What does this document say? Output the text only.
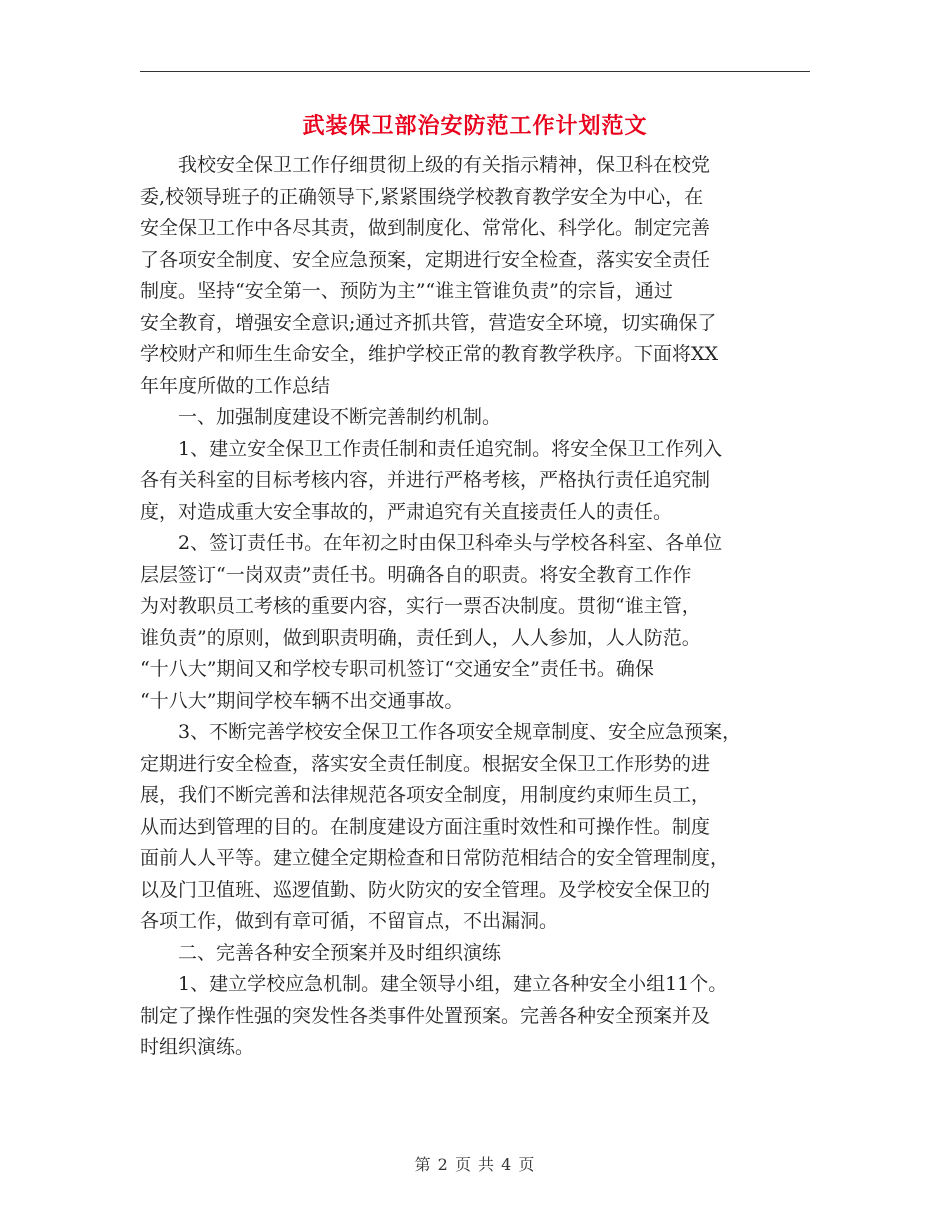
武装保卫部治安防范工作计划范文

　　我校安全保卫工作仔细贯彻上级的有关指示精神，保卫科在校党
委,校领导班子的正确领导下,紧紧围绕学校教育教学安全为中心，在
安全保卫工作中各尽其责，做到制度化、常常化、科学化。制定完善
了各项安全制度、安全应急预案，定期进行安全检查，落实安全责任
制度。坚持“安全第一、预防为主”“谁主管谁负责”的宗旨，通过
安全教育，增强安全意识;通过齐抓共管，营造安全环境，切实确保了
学校财产和师生生命安全，维护学校正常的教育教学秩序。下面将XX
年年度所做的工作总结

　　一、加强制度建设不断完善制约机制。

　　1、建立安全保卫工作责任制和责任追究制。将安全保卫工作列入
各有关科室的目标考核内容，并进行严格考核，严格执行责任追究制
度，对造成重大安全事故的，严肃追究有关直接责任人的责任。

　　2、签订责任书。在年初之时由保卫科牵头与学校各科室、各单位
层层签订“一岗双责”责任书。明确各自的职责。将安全教育工作作
为对教职员工考核的重要内容，实行一票否决制度。贯彻“谁主管，
谁负责”的原则，做到职责明确，责任到人，人人参加，人人防范。
“十八大”期间又和学校专职司机签订“交通安全”责任书。确保
“十八大”期间学校车辆不出交通事故。

　　3、不断完善学校安全保卫工作各项安全规章制度、安全应急预案，
定期进行安全检查，落实安全责任制度。根据安全保卫工作形势的进
展，我们不断完善和法律规范各项安全制度，用制度约束师生员工，
从而达到管理的目的。在制度建设方面注重时效性和可操作性。制度
面前人人平等。建立健全定期检查和日常防范相结合的安全管理制度，
以及门卫值班、巡逻值勤、防火防灾的安全管理。及学校安全保卫的
各项工作，做到有章可循，不留盲点，不出漏洞。

　　二、完善各种安全预案并及时组织演练

　　1、建立学校应急机制。建全领导小组，建立各种安全小组11个。
制定了操作性强的突发性各类事件处置预案。完善各种安全预案并及
时组织演练。

第 2 页 共 4 页
